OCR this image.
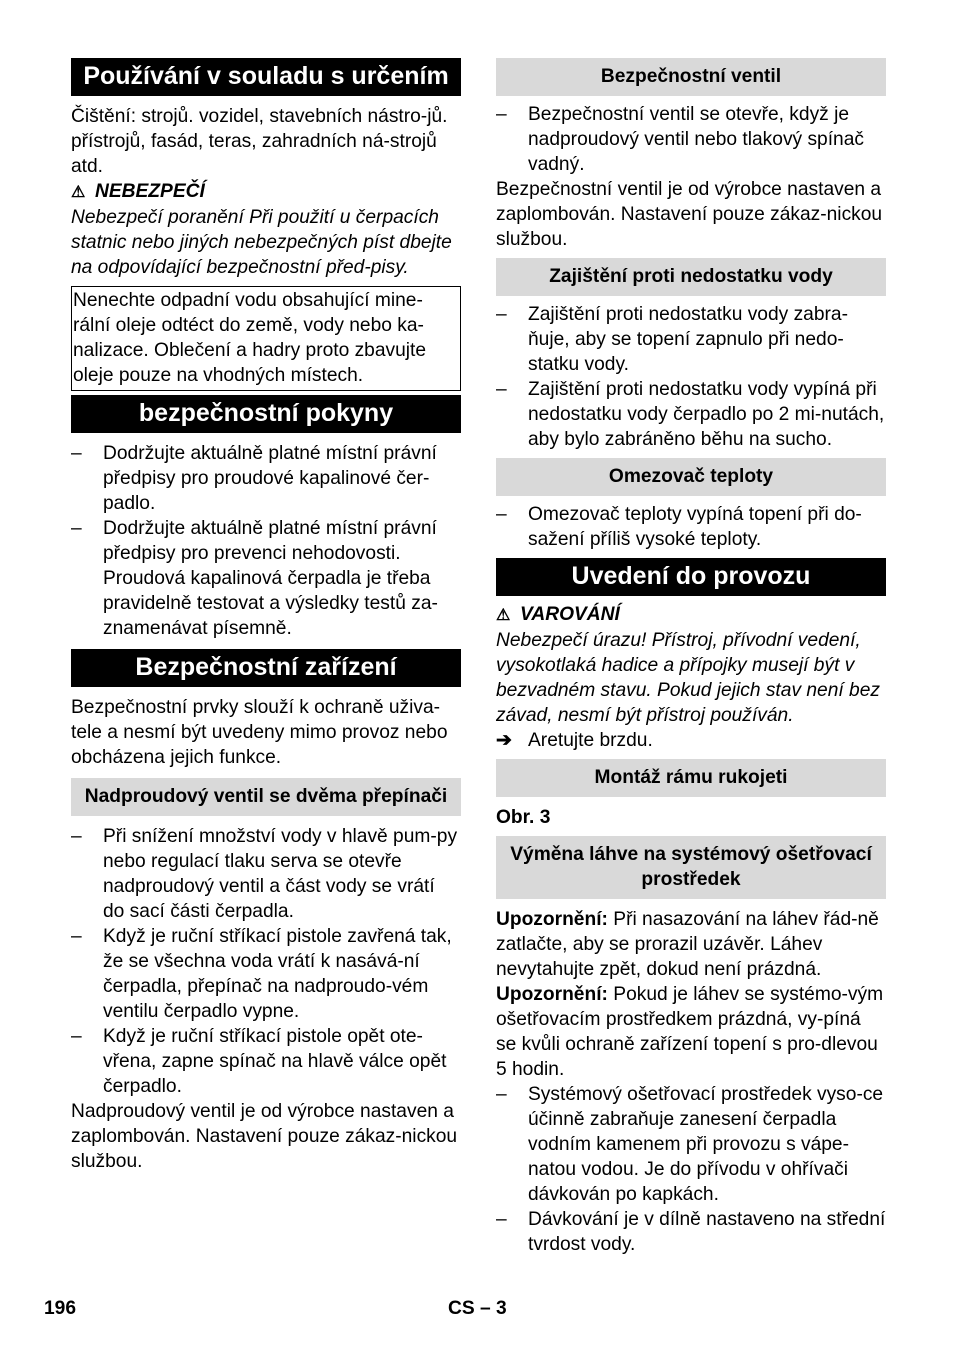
Používání v souladu s určením

Čištění: strojů. vozidel, stavebních nástro-jů. přístrojů, fasád, teras, zahradních ná-strojů atd.

⚠ NEBEZPEČÍ

Nebezpečí poranění Při použití u čerpacích statnic nebo jiných nebezpečných píst dbejte na odpovídající bezpečnostní před-pisy.

Nenechte odpadní vodu obsahující mine-rální oleje odtéct do země, vody nebo ka-nalizace. Oblečení a hadry proto zbavujte oleje pouze na vhodných místech.
bezpečnostní pokyny
– Dodržujte aktuálně platné místní právní předpisy pro proudové kapalinové čer-padlo.
– Dodržujte aktuálně platné místní právní předpisy pro prevenci nehodovosti. Proudová kapalinová čerpadla je třeba pravidelně testovat a výsledky testů za-znamenávat písemně.
Bezpečnostní zařízení

Bezpečnostní prvky slouží k ochraně uživa-tele a nesmí být uvedeny mimo provoz nebo obcházena jejich funkce.

Nadproudový ventil se dvěma přepínači
– Při snížení množství vody v hlavě pum-py nebo regulací tlaku serva se otevře nadproudový ventil a část vody se vrátí do sací části čerpadla.
– Když je ruční stříkací pistole zavřená tak, že se všechna voda vrátí k nasává-ní čerpadla, přepínač na nadproudo-vém ventilu čerpadlo vypne.
– Když je ruční stříkací pistole opět ote-vřena, zapne spínač na hlavě válce opět čerpadlo.

Nadproudový ventil je od výrobce nastaven a zaplombován. Nastavení pouze zákaz-nickou službou.

Bezpečnostní ventil
– Bezpečnostní ventil se otevře, když je nadproudový ventil nebo tlakový spínač vadný.

Bezpečnostní ventil je od výrobce nastaven a zaplombován. Nastavení pouze zákaz-nickou službou.

Zajištění proti nedostatku vody
– Zajištění proti nedostatku vody zabra-ňuje, aby se topení zapnulo při nedo-statku vody.
– Zajištění proti nedostatku vody vypíná při nedostatku vody čerpadlo po 2 mi-nutách, aby bylo zabráněno běhu na sucho.
Omezovač teploty
– Omezovač teploty vypíná topení při do-sažení příliš vysoké teploty.
Uvedení do provozu

⚠ VAROVÁNÍ

Nebezpečí úrazu! Přístroj, přívodní vedení, vysokotlaká hadice a přípojky musejí být v bezvadném stavu. Pokud jejich stav není bez závad, nesmí být přístroj používán.

➔ Aretujte brzdu.
Montáž rámu rukojeti

Obr. 3

Výměna láhve na systémový ošetřovací prostředek

Upozornění: Při nasazování na láhev řád-ně zatlačte, aby se prorazil uzávěr. Láhev nevytahujte zpět, dokud není prázdná.

Upozornění: Pokud je láhev se systémo-vým ošetřovacím prostředkem prázdná, vy-píná se kvůli ochraně zařízení topení s pro-dlevou 5 hodin.

– Systémový ošetřovací prostředek vyso-ce účinně zabraňuje zanesení čerpadla vodním kamenem při provozu s vápe-natou vodou. Je do přívodu v ohřívači dávkován po kapkách.
– Dávkování je v dílně nastaveno na střední tvrdost vody.
196	CS – 3
